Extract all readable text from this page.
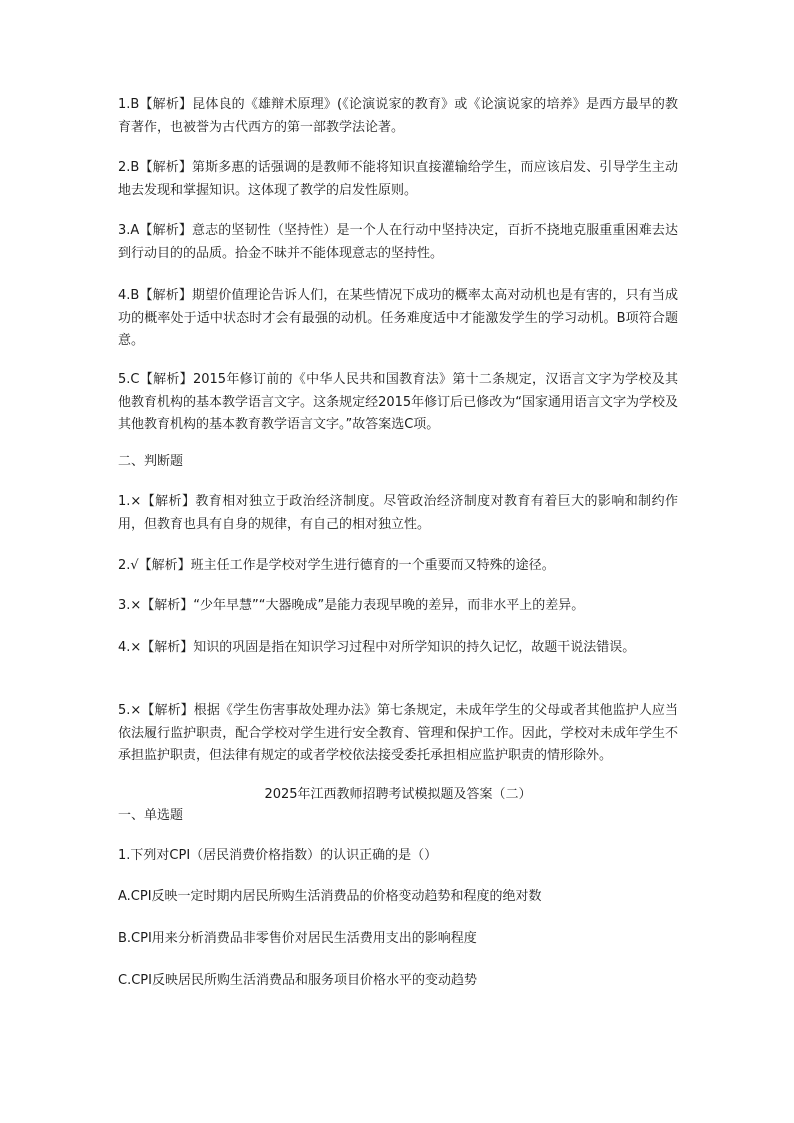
1.B【解析】昆体良的《雄辩术原理》(《论演说家的教育》或《论演说家的培养》是西方最早的教育著作，也被誉为古代西方的第一部教学法论著。

2.B【解析】第斯多惠的话强调的是教师不能将知识直接灌输给学生，而应该启发、引导学生主动地去发现和掌握知识。这体现了教学的启发性原则。

3.A【解析】意志的坚韧性（坚持性）是一个人在行动中坚持决定，百折不挠地克服重重困难去达到行动目的的品质。拾金不昧并不能体现意志的坚持性。

4.B【解析】期望价值理论告诉人们，在某些情况下成功的概率太高对动机也是有害的，只有当成功的概率处于适中状态时才会有最强的动机。任务难度适中才能激发学生的学习动机。B项符合题意。

5.C【解析】2015年修订前的《中华人民共和国教育法》第十二条规定，汉语言文字为学校及其他教育机构的基本教学语言文字。这条规定经2015年修订后已修改为“国家通用语言文字为学校及其他教育机构的基本教育教学语言文字。”故答案选C项。

二、判断题

1.×【解析】教育相对独立于政治经济制度。尽管政治经济制度对教育有着巨大的影响和制约作用，但教育也具有自身的规律，有自己的相对独立性。

2.√【解析】班主任工作是学校对学生进行德育的一个重要而又特殊的途径。

3.×【解析】“少年早慧”“大器晚成”是能力表现早晚的差异，而非水平上的差异。

4.×【解析】知识的巩固是指在知识学习过程中对所学知识的持久记忆，故题干说法错误。

5.×【解析】根据《学生伤害事故处理办法》第七条规定，未成年学生的父母或者其他监护人应当依法履行监护职责，配合学校对学生进行安全教育、管理和保护工作。因此，学校对未成年学生不承担监护职责，但法律有规定的或者学校依法接受委托承担相应监护职责的情形除外。

2025年江西教师招聘考试模拟题及答案（二）

一、单选题

1.下列对CPI（居民消费价格指数）的认识正确的是（）

A.CPI反映一定时期内居民所购生活消费品的价格变动趋势和程度的绝对数

B.CPI用来分析消费品非零售价对居民生活费用支出的影响程度

C.CPI反映居民所购生活消费品和服务项目价格水平的变动趋势
